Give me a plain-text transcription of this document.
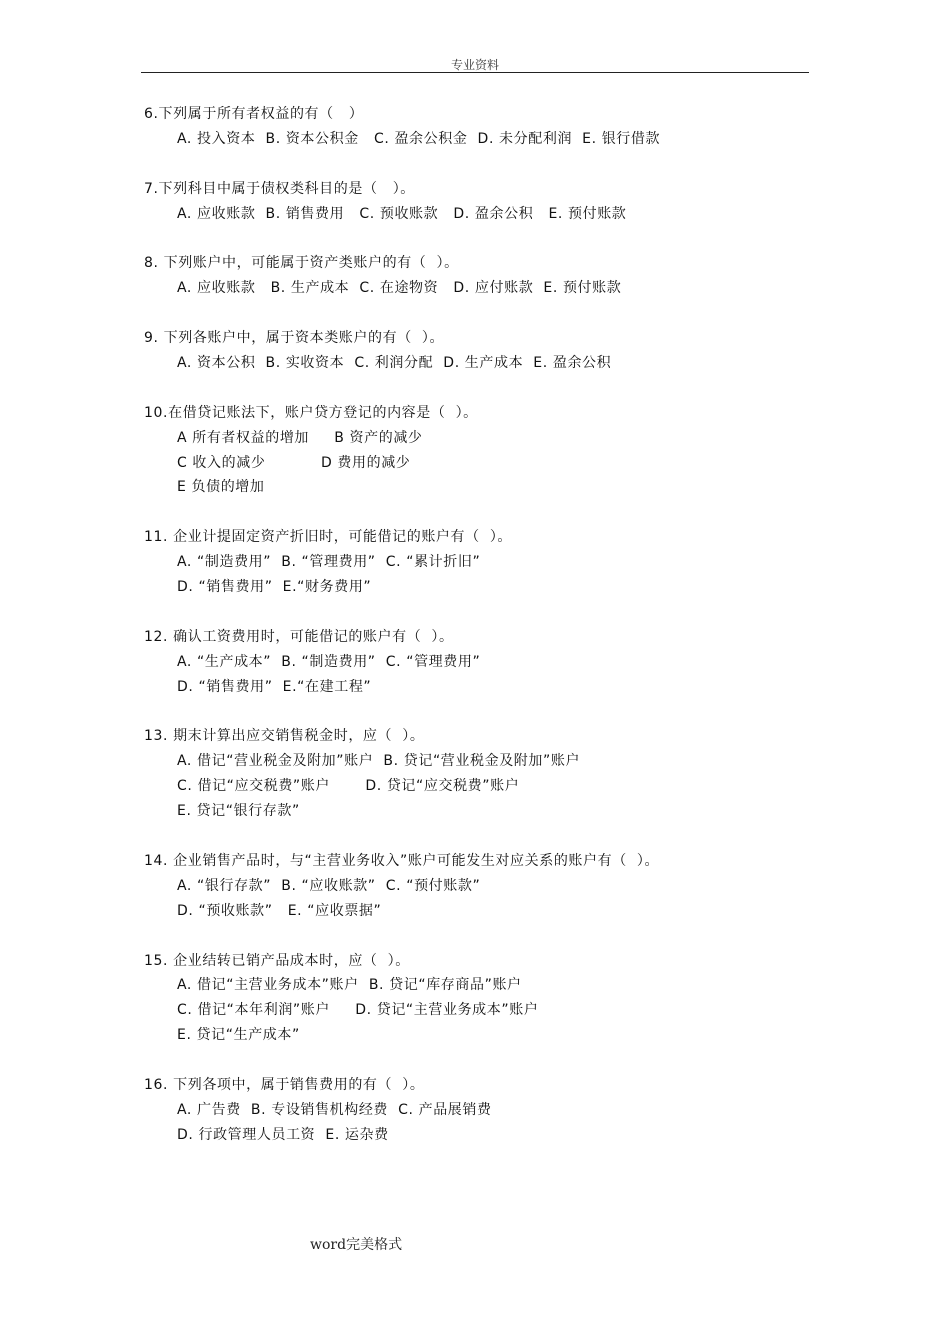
专业资料
6.下列属于所有者权益的有（   ）
A. 投入资本  B. 资本公积金   C. 盈余公积金  D. 未分配利润  E. 银行借款
7.下列科目中属于债权类科目的是（   ）。
A. 应收账款  B. 销售费用   C. 预收账款   D. 盈余公积   E. 预付账款
8. 下列账户中，可能属于资产类账户的有（  ）。
A. 应收账款   B. 生产成本  C. 在途物资   D. 应付账款  E. 预付账款
9. 下列各账户中，属于资本类账户的有（  ）。
A. 资本公积  B. 实收资本  C. 利润分配  D. 生产成本  E. 盈余公积
10.在借贷记账法下，账户贷方登记的内容是（  ）。
A 所有者权益的增加     B 资产的减少
C 收入的减少           D 费用的减少
E 负债的增加
11. 企业计提固定资产折旧时，可能借记的账户有（  ）。
A. “制造费用”  B. “管理费用”  C. “累计折旧”
D. “销售费用”  E.“财务费用”
12. 确认工资费用时，可能借记的账户有（  ）。
A. “生产成本”  B. “制造费用”  C. “管理费用”
D. “销售费用”  E.“在建工程”
13. 期末计算出应交销售税金时，应（  ）。
A. 借记“营业税金及附加”账户  B. 贷记“营业税金及附加”账户
C. 借记“应交税费”账户       D. 贷记“应交税费”账户
E. 贷记“银行存款”
14. 企业销售产品时，与“主营业务收入”账户可能发生对应关系的账户有（  ）。
A. “银行存款”  B. “应收账款”  C. “预付账款”
D. “预收账款”   E. “应收票据”
15. 企业结转已销产品成本时，应（  ）。
A. 借记“主营业务成本”账户  B. 贷记“库存商品”账户
C. 借记“本年利润”账户     D. 贷记“主营业务成本”账户
E. 贷记“生产成本”
16. 下列各项中，属于销售费用的有（  ）。
A. 广告费  B. 专设销售机构经费  C. 产品展销费
D. 行政管理人员工资  E. 运杂费
word完美格式
